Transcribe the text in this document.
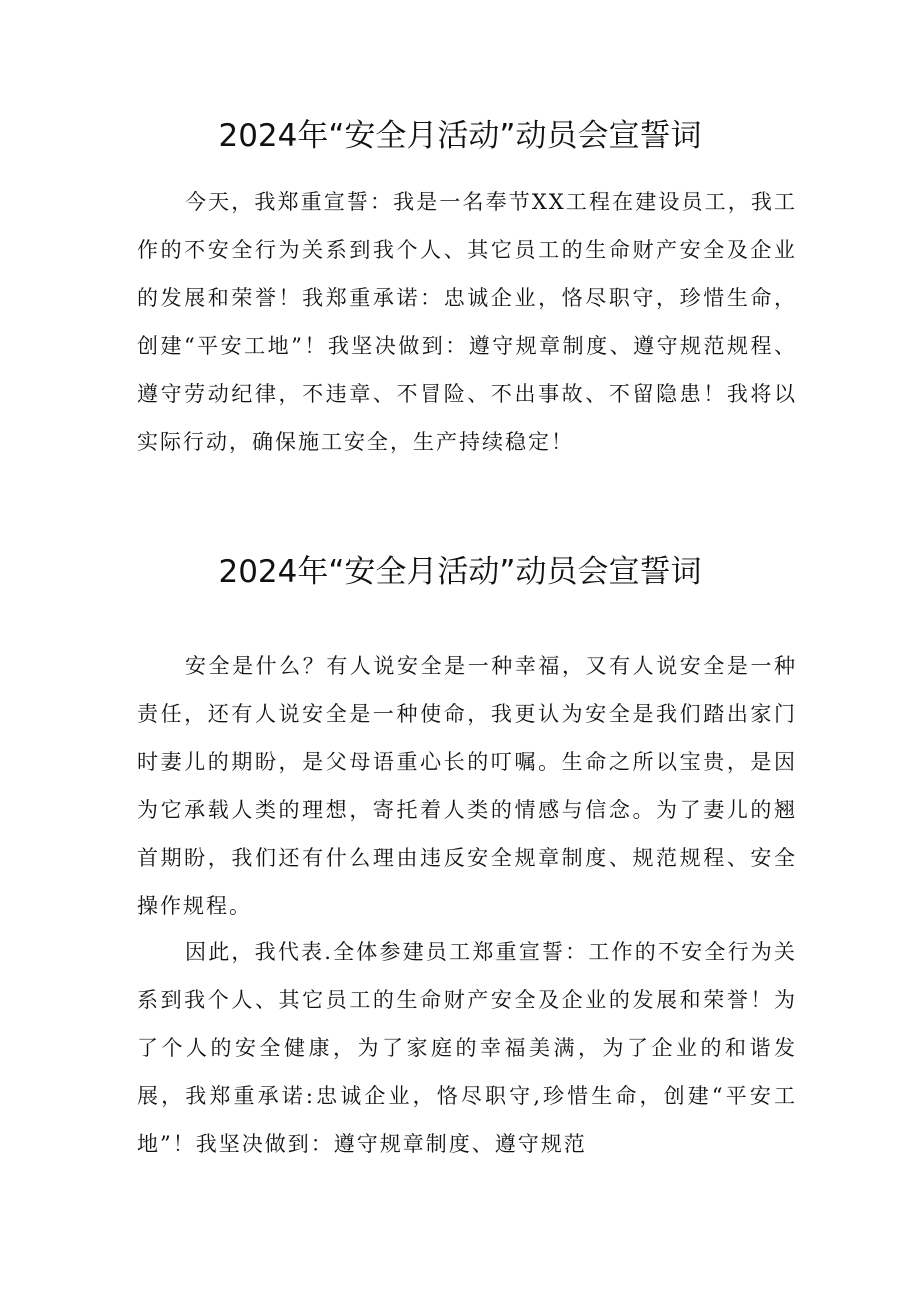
2024年“安全月活动”动员会宣誓词

今天，我郑重宣誓：我是一名奉节XX工程在建设员工，我工作的不安全行为关系到我个人、其它员工的生命财产安全及企业的发展和荣誉！我郑重承诺：忠诚企业，恪尽职守，珍惜生命，创建“平安工地”！我坚决做到：遵守规章制度、遵守规范规程、遵守劳动纪律，不违章、不冒险、不出事故、不留隐患！我将以实际行动，确保施工安全，生产持续稳定！

2024年“安全月活动”动员会宣誓词

安全是什么？有人说安全是一种幸福，又有人说安全是一种责任，还有人说安全是一种使命，我更认为安全是我们踏出家门时妻儿的期盼，是父母语重心长的叮嘱。生命之所以宝贵，是因为它承载人类的理想，寄托着人类的情感与信念。为了妻儿的翘首期盼，我们还有什么理由违反安全规章制度、规范规程、安全操作规程。

因此，我代表.全体参建员工郑重宣誓：工作的不安全行为关系到我个人、其它员工的生命财产安全及企业的发展和荣誉！为了个人的安全健康，为了家庭的幸福美满，为了企业的和谐发展，我郑重承诺:忠诚企业，恪尽职守,珍惜生命，创建“平安工地”！我坚决做到：遵守规章制度、遵守规范
